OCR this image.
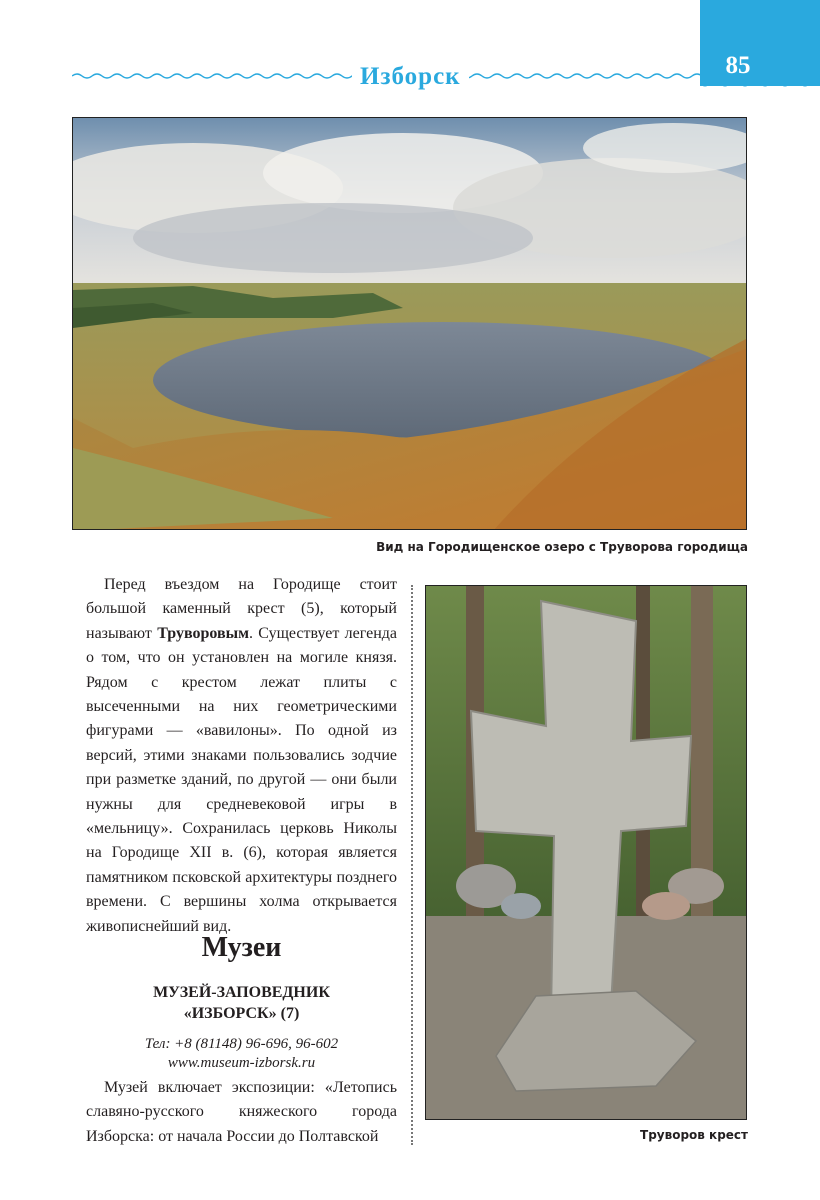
Изборск	85
Вид на Городищенское озеро с Труворова городища
Труворов крест

Перед въездом на Городище стоит большой каменный крест (5), который называют Труворовым. Существует легенда о том, что он установлен на могиле князя. Рядом с крестом лежат плиты с высеченными на них геометрическими фигурами — «вавилоны». По одной из версий, этими знаками пользовались зодчие при разметке зданий, по другой — они были нужны для средневековой игры в «мельницу». Сохранилась церковь Николы на Городище XII в. (6), которая является памятником псковской архитектуры позднего времени. С вершины холма открывается живописнейший вид.

Музеи
МУЗЕЙ-ЗАПОВЕДНИК
«ИЗБОРСК» (7)
Тел: +8 (81148) 96-696, 96-602
www.museum-izborsk.ru

Музей включает экспозиции: «Летопись славяно-русского княжеского города Изборска: от начала России до Полтавской
